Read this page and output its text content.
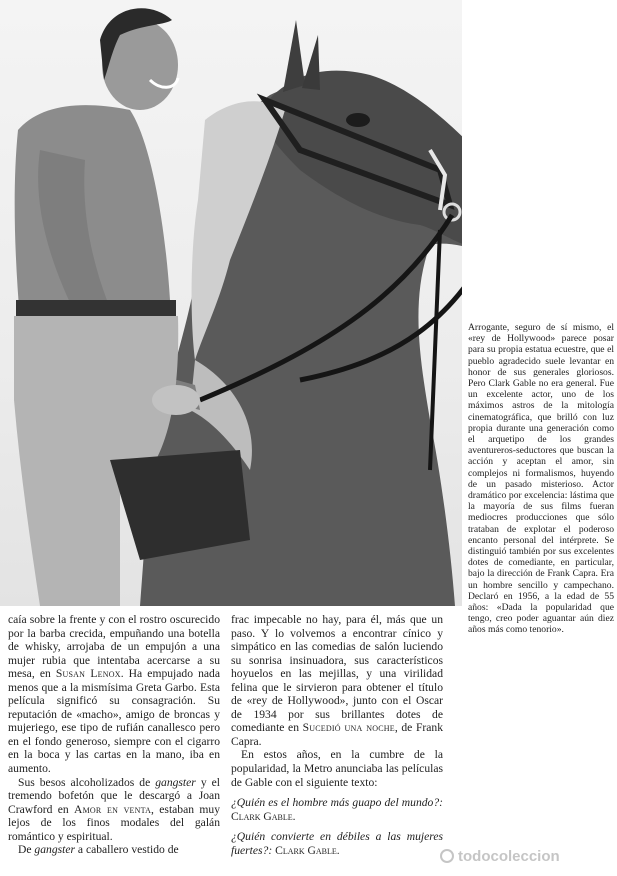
Arrogante, seguro de sí mismo, el «rey de Hollywood» parece posar para su propia estatua ecuestre, que el pueblo agradecido suele levantar en honor de sus generales gloriosos. Pero Clark Gable no era general. Fue un excelente actor, uno de los máximos astros de la mitología cinematográfica, que brilló con luz propia durante una generación como el arquetipo de los grandes aventureros-seductores que buscan la acción y aceptan el amor, sin complejos ni formalismos, huyendo de un pasado misterioso. Actor dramático por excelencia: lástima que la mayoría de sus films fueran mediocres producciones que sólo trataban de explotar el poderoso encanto personal del intérprete. Se distinguió también por sus excelentes dotes de comediante, en particular, bajo la dirección de Frank Capra. Era un hombre sencillo y campechano. Declaró en 1956, a la edad de 55 años: «Dada la popularidad que tengo, creo poder aguantar aún diez años más como tenorio».

caía sobre la frente y con el rostro oscurecido por la barba crecida, empuñando una botella de whisky, arrojaba de un empujón a una mujer rubia que intentaba acercarse a su mesa, en Susan Lenox. Ha empujado nada menos que a la mismísima Greta Garbo. Esta película significó su consagración. Su reputación de «macho», amigo de broncas y mujeriego, ese tipo de rufián canallesco pero en el fondo generoso, siempre con el cigarro en la boca y las cartas en la mano, iba en aumento.

Sus besos alcoholizados de gangster y el tremendo bofetón que le descargó a Joan Crawford en Amor en venta, estaban muy lejos de los finos modales del galán romántico y espiritual.

De gangster a caballero vestido de

frac impecable no hay, para él, más que un paso. Y lo volvemos a encontrar cínico y simpático en las comedias de salón luciendo su sonrisa insinuadora, sus característicos hoyuelos en las mejillas, y una virilidad felina que le sirvieron para obtener el título de «rey de Hollywood», junto con el Oscar de 1934 por sus brillantes dotes de comediante en Sucedió una noche, de Frank Capra.

En estos años, en la cumbre de la popularidad, la Metro anunciaba las películas de Gable con el siguiente texto:

¿Quién es el hombre más guapo del mundo?: Clark Gable.

¿Quién convierte en débiles a las mujeres fuertes?: Clark Gable.	todocoleccion
